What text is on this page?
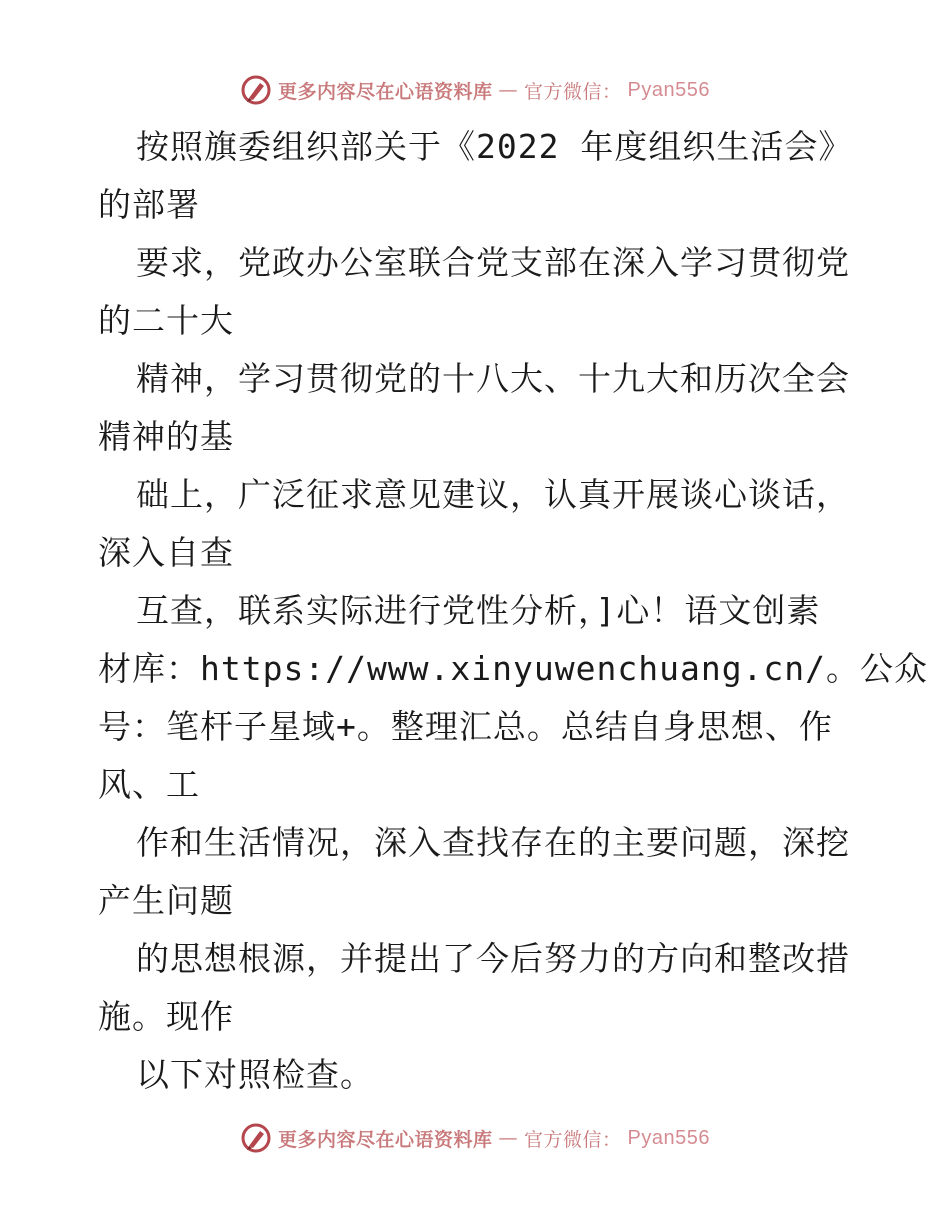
更多内容尽在心语资料库 — 官方微信： Pyan556
按照旗委组织部关于《2022 年度组织生活会》
的部署
要求，党政办公室联合党支部在深入学习贯彻党
的二十大
精神，学习贯彻党的十八大、十九大和历次全会
精神的基
础上，广泛征求意见建议，认真开展谈心谈话，
深入自查
互查，联系实际进行党性分析，]心！语文创素
材库：https://www.xinyuwenchuang.cn/。公众
号：笔杆子星域+。整理汇总。总结自身思想、作
风、工
作和生活情况，深入查找存在的主要问题，深挖
产生问题
的思想根源，并提出了今后努力的方向和整改措
施。现作
以下对照检查。
更多内容尽在心语资料库 — 官方微信： Pyan556
